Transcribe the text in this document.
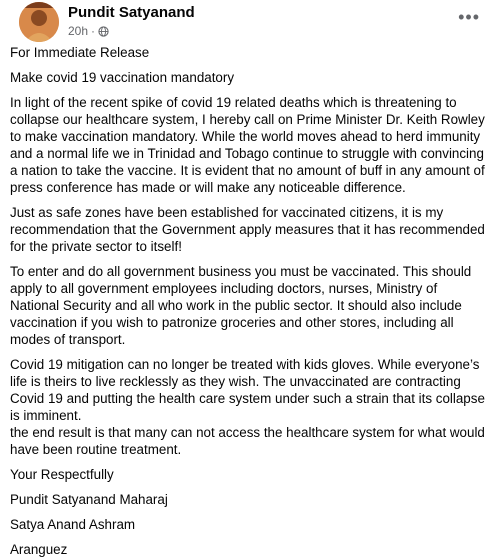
Pundit Satyanand
20h ·
•••

For Immediate Release

Make covid 19 vaccination mandatory

In light of the recent spike of covid 19 related deaths which is threatening to collapse our healthcare system, I hereby call on Prime Minister Dr. Keith Rowley to make vaccination mandatory. While the world moves ahead to herd immunity and a normal life we in Trinidad and Tobago continue to struggle with convincing a nation to take the vaccine. It is evident that no amount of buff in any amount of press conference has made or will make any noticeable difference.

Just as safe zones have been established for vaccinated citizens, it is my recommendation that the Government apply measures that it has recommended for the private sector to itself!

To enter and do all government business you must be vaccinated. This should apply to all government employees including doctors, nurses, Ministry of National Security and all who work in the public sector. It should also include vaccination if you wish to patronize groceries and other stores, including all modes of transport.

Covid 19 mitigation can no longer be treated with kids gloves. While everyone’s life is theirs to live recklessly as they wish. The unvaccinated are contracting Covid 19 and putting the health care system under such a strain that its collapse is imminent.

the end result is that many can not access the healthcare system for what would have been routine treatment.

Your Respectfully

Pundit Satyanand Maharaj

Satya Anand Ashram

Aranguez
